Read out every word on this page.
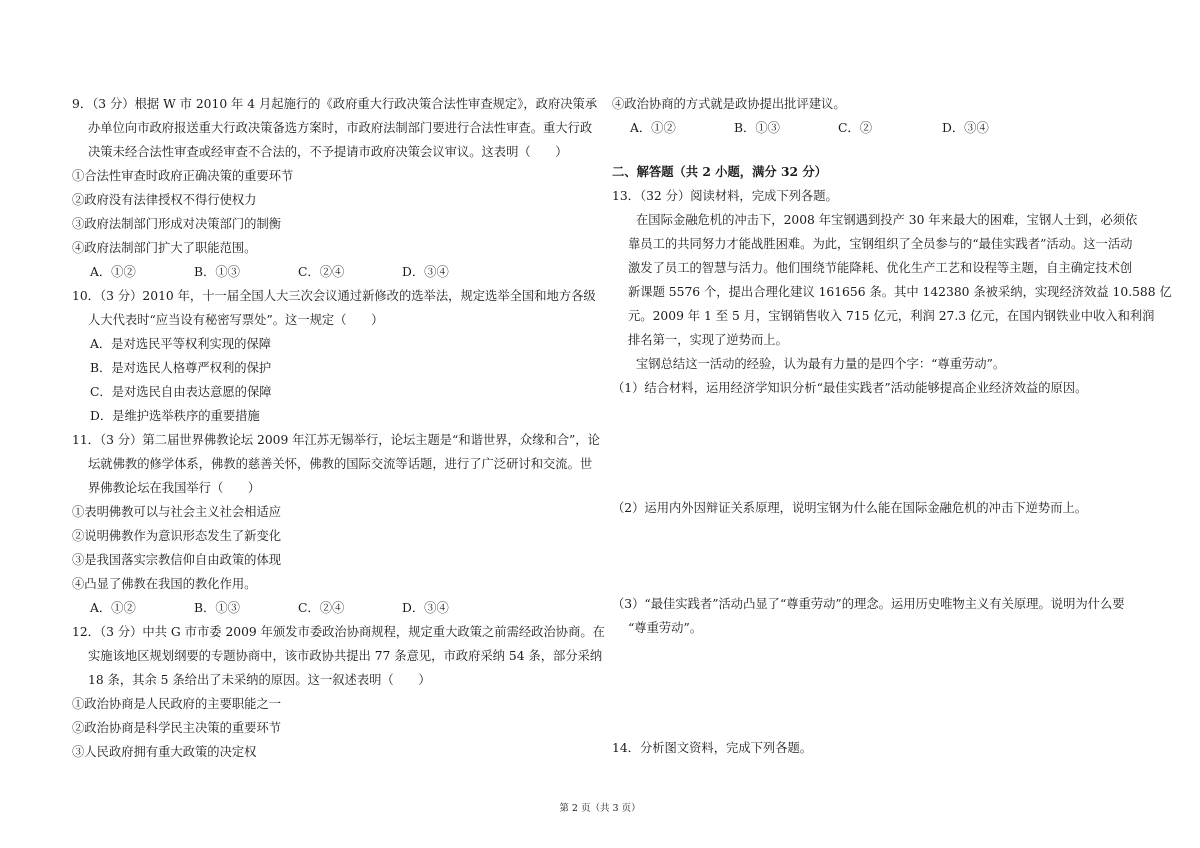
9．（3 分）根据 W 市 2010 年 4 月起施行的《政府重大行政决策合法性审查规定》，政府决策承
办单位向市政府报送重大行政决策备选方案时，市政府法制部门要进行合法性审查。重大行政
决策未经合法性审查或经审查不合法的，不予提请市政府决策会议审议。这表明（　　）
①合法性审查时政府正确决策的重要环节
②政府没有法律授权不得行使权力
③政府法制部门形成对决策部门的制衡
④政府法制部门扩大了职能范围。
A．①②	B．①③	C．②④	D．③④
10．（3 分）2010 年，十一届全国人大三次会议通过新修改的选举法，规定选举全国和地方各级
人大代表时“应当设有秘密写票处”。这一规定（　　）
A．是对选民平等权利实现的保障
B．是对选民人格尊严权利的保护
C．是对选民自由表达意愿的保障
D．是维护选举秩序的重要措施
11．（3 分）第二届世界佛教论坛 2009 年江苏无锡举行，论坛主题是“和谐世界，众缘和合”，论
坛就佛教的修学体系，佛教的慈善关怀，佛教的国际交流等话题，进行了广泛研讨和交流。世
界佛教论坛在我国举行（　　）
①表明佛教可以与社会主义社会相适应
②说明佛教作为意识形态发生了新变化
③是我国落实宗教信仰自由政策的体现
④凸显了佛教在我国的教化作用。
A．①②	B．①③	C．②④	D．③④
12．（3 分）中共 G 市市委 2009 年颁发市委政治协商规程，规定重大政策之前需经政治协商。在
实施该地区规划纲要的专题协商中，该市政协共提出 77 条意见，市政府采纳 54 条，部分采纳
18 条，其余 5 条给出了未采纳的原因。这一叙述表明（　　）
①政治协商是人民政府的主要职能之一
②政治协商是科学民主决策的重要环节
③人民政府拥有重大政策的决定权
④政治协商的方式就是政协提出批评建议。
A．①②	B．①③	C．②	D．③④
二、解答题（共 2 小题，满分 32 分）
13．（32 分）阅读材料，完成下列各题。
在国际金融危机的冲击下，2008 年宝钢遇到投产 30 年来最大的困难，宝钢人士到，必须依
靠员工的共同努力才能战胜困难。为此，宝钢组织了全员参与的“最佳实践者”活动。这一活动
激发了员工的智慧与活力。他们围绕节能降耗、优化生产工艺和设程等主题，自主确定技术创
新课题 5576 个，提出合理化建议 161656 条。其中 142380 条被采纳，实现经济效益 10.588 亿
元。2009 年 1 至 5 月，宝钢销售收入 715 亿元，利润 27.3 亿元，在国内钢铁业中收入和利润
排名第一，实现了逆势而上。
宝钢总结这一活动的经验，认为最有力量的是四个字：“尊重劳动”。
（1）结合材料，运用经济学知识分析“最佳实践者”活动能够提高企业经济效益的原因。
（2）运用内外因辩证关系原理，说明宝钢为什么能在国际金融危机的冲击下逆势而上。
（3）“最佳实践者”活动凸显了“尊重劳动”的理念。运用历史唯物主义有关原理。说明为什么要
“尊重劳动”。
14．分析图文资料，完成下列各题。
第 2 页（共 3 页）
